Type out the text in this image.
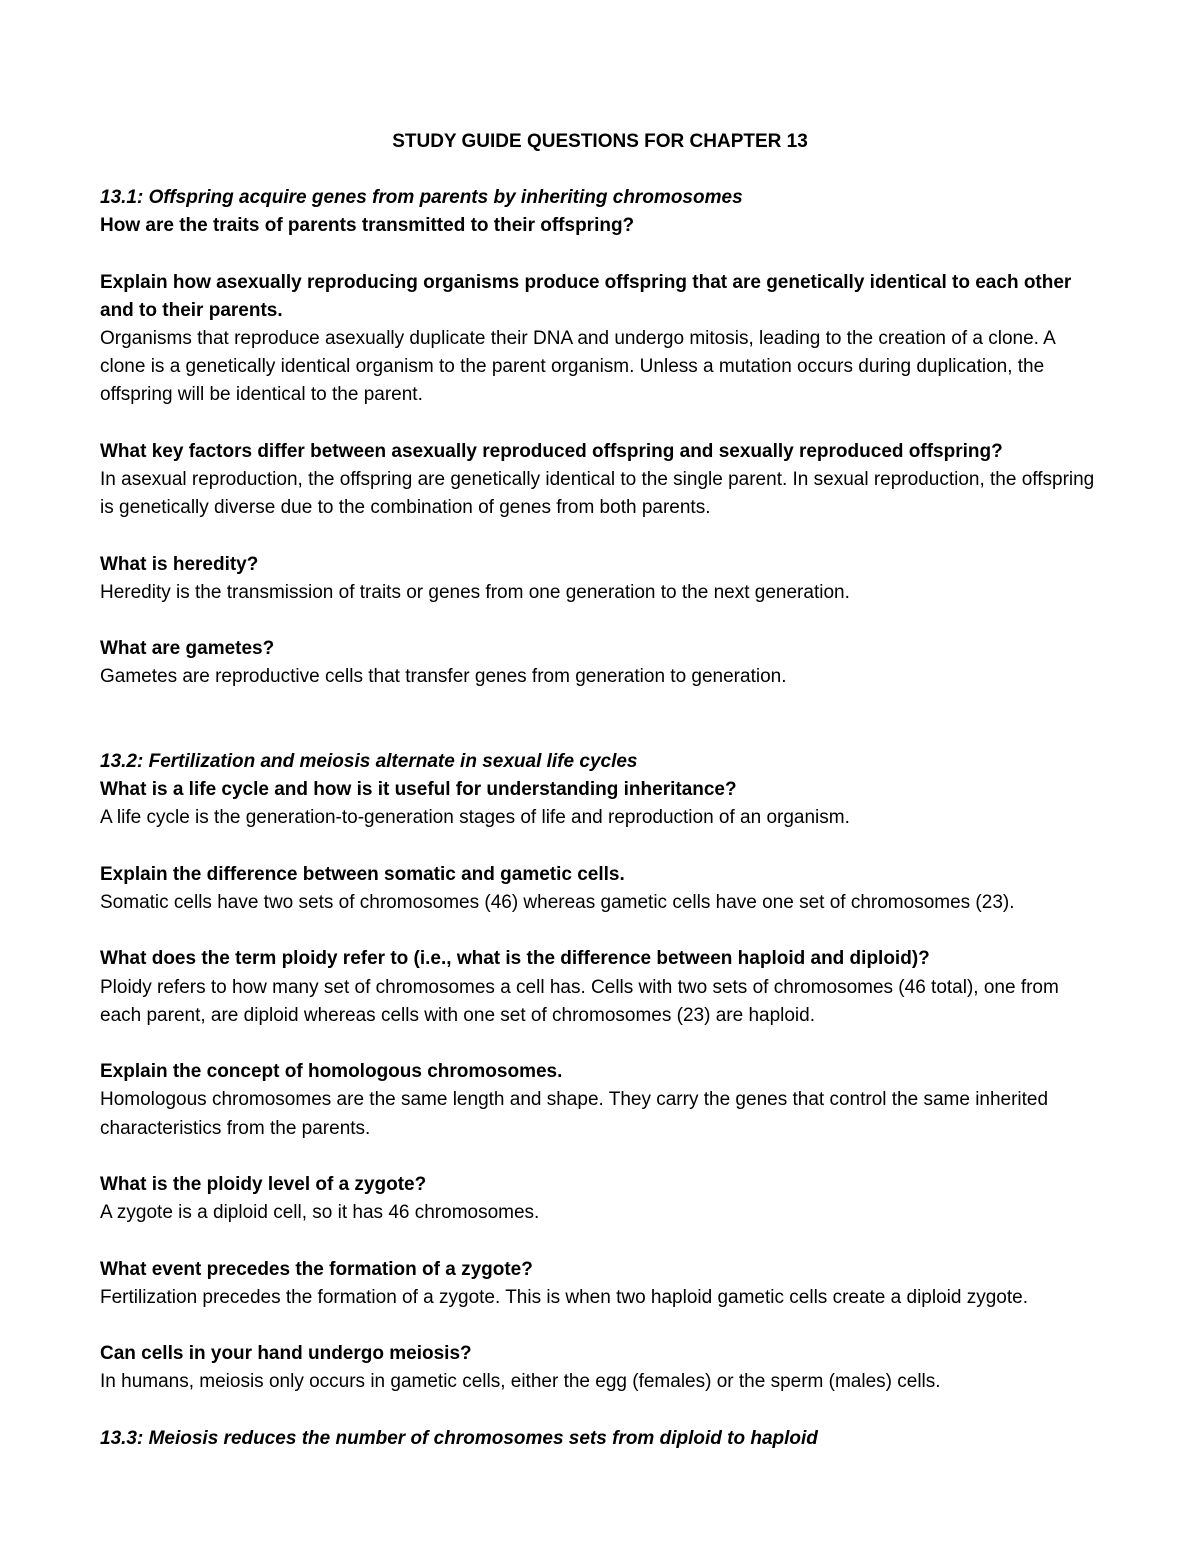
STUDY GUIDE QUESTIONS FOR CHAPTER 13

13.1: Offspring acquire genes from parents by inheriting chromosomes

How are the traits of parents transmitted to their offspring?

Explain how asexually reproducing organisms produce offspring that are genetically identical to each other and to their parents.

Organisms that reproduce asexually duplicate their DNA and undergo mitosis, leading to the creation of a clone. A clone is a genetically identical organism to the parent organism. Unless a mutation occurs during duplication, the offspring will be identical to the parent.

What key factors differ between asexually reproduced offspring and sexually reproduced offspring?

In asexual reproduction, the offspring are genetically identical to the single parent. In sexual reproduction, the offspring is genetically diverse due to the combination of genes from both parents.

What is heredity?

Heredity is the transmission of traits or genes from one generation to the next generation.

What are gametes?

Gametes are reproductive cells that transfer genes from generation to generation.

13.2: Fertilization and meiosis alternate in sexual life cycles

What is a life cycle and how is it useful for understanding inheritance?

A life cycle is the generation-to-generation stages of life and reproduction of an organism.

Explain the difference between somatic and gametic cells.

Somatic cells have two sets of chromosomes (46) whereas gametic cells have one set of chromosomes (23).

What does the term ploidy refer to (i.e., what is the difference between haploid and diploid)?

Ploidy refers to how many set of chromosomes a cell has. Cells with two sets of chromosomes (46 total), one from each parent, are diploid whereas cells with one set of chromosomes (23) are haploid.

Explain the concept of homologous chromosomes.

Homologous chromosomes are the same length and shape. They carry the genes that control the same inherited characteristics from the parents.

What is the ploidy level of a zygote?

A zygote is a diploid cell, so it has 46 chromosomes.

What event precedes the formation of a zygote?

Fertilization precedes the formation of a zygote. This is when two haploid gametic cells create a diploid zygote.

Can cells in your hand undergo meiosis?

In humans, meiosis only occurs in gametic cells, either the egg (females) or the sperm (males) cells.

13.3: Meiosis reduces the number of chromosomes sets from diploid to haploid
